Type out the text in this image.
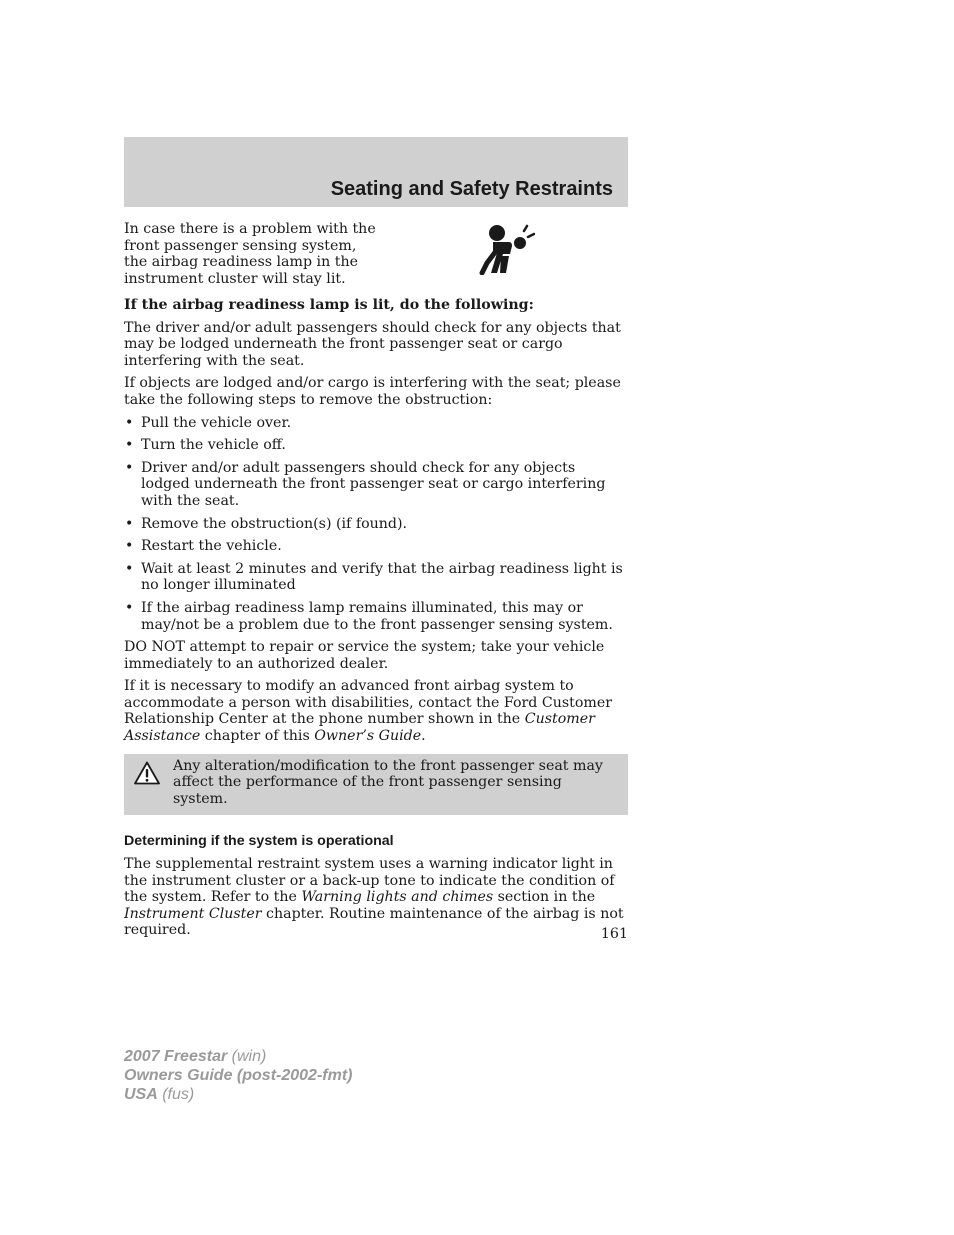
Seating and Safety Restraints
In case there is a problem with the front passenger sensing system, the airbag readiness lamp in the instrument cluster will stay lit.

If the airbag readiness lamp is lit, do the following:

The driver and/or adult passengers should check for any objects that may be lodged underneath the front passenger seat or cargo interfering with the seat.

If objects are lodged and/or cargo is interfering with the seat; please take the following steps to remove the obstruction:

• Pull the vehicle over.
• Turn the vehicle off.
• Driver and/or adult passengers should check for any objects lodged underneath the front passenger seat or cargo interfering with the seat.
• Remove the obstruction(s) (if found).
• Restart the vehicle.
• Wait at least 2 minutes and verify that the airbag readiness light is no longer illuminated
• If the airbag readiness lamp remains illuminated, this may or may/not be a problem due to the front passenger sensing system.

DO NOT attempt to repair or service the system; take your vehicle immediately to an authorized dealer.

If it is necessary to modify an advanced front airbag system to accommodate a person with disabilities, contact the Ford Customer Relationship Center at the phone number shown in the Customer Assistance chapter of this Owner’s Guide.

Any alteration/modification to the front passenger seat may affect the performance of the front passenger sensing system.
Determining if the system is operational

The supplemental restraint system uses a warning indicator light in the instrument cluster or a back-up tone to indicate the condition of the system. Refer to the Warning lights and chimes section in the Instrument Cluster chapter. Routine maintenance of the airbag is not required.	161
2007 Freestar (win)
Owners Guide (post-2002-fmt)
USA (fus)
